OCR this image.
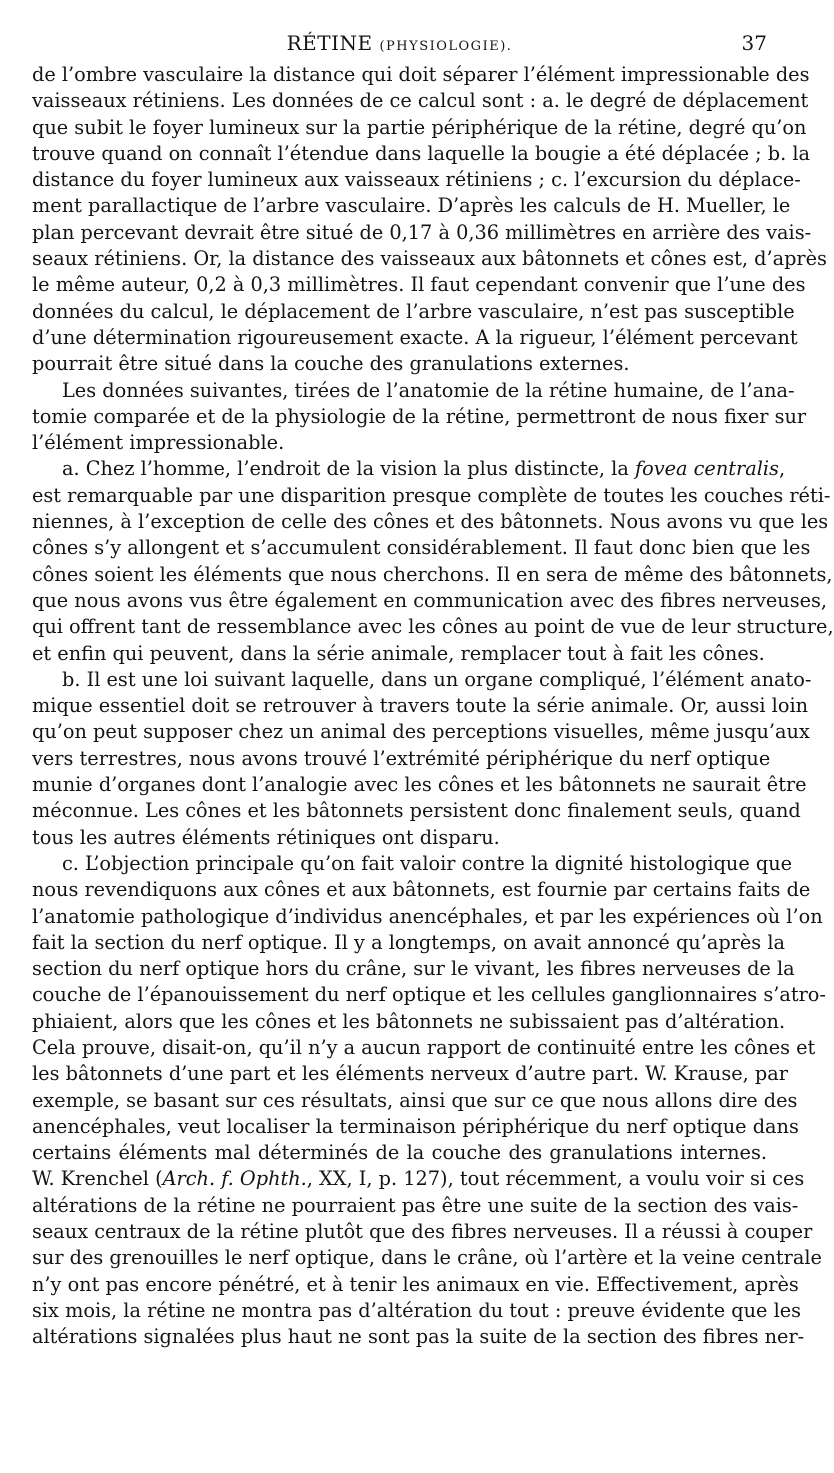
RÉTINE (PHYSIOLOGIE).	37
de l’ombre vasculaire la distance qui doit séparer l’élément impressionable des
vaisseaux rétiniens. Les données de ce calcul sont : a. le degré de déplacement
que subit le foyer lumineux sur la partie périphérique de la rétine, degré qu’on
trouve quand on connaît l’étendue dans laquelle la bougie a été déplacée ; b. la
distance du foyer lumineux aux vaisseaux rétiniens ; c. l’excursion du déplace-
ment parallactique de l’arbre vasculaire. D’après les calculs de H. Mueller, le
plan percevant devrait être situé de 0,17 à 0,36 millimètres en arrière des vais-
seaux rétiniens. Or, la distance des vaisseaux aux bâtonnets et cônes est, d’après
le même auteur, 0,2 à 0,3 millimètres. Il faut cependant convenir que l’une des
données du calcul, le déplacement de l’arbre vasculaire, n’est pas susceptible
d’une détermination rigoureusement exacte. A la rigueur, l’élément percevant
pourrait être situé dans la couche des granulations externes.
Les données suivantes, tirées de l’anatomie de la rétine humaine, de l’ana-
tomie comparée et de la physiologie de la rétine, permettront de nous fixer sur
l’élément impressionable.
a. Chez l’homme, l’endroit de la vision la plus distincte, la fovea centralis,
est remarquable par une disparition presque complète de toutes les couches réti-
niennes, à l’exception de celle des cônes et des bâtonnets. Nous avons vu que les
cônes s’y allongent et s’accumulent considérablement. Il faut donc bien que les
cônes soient les éléments que nous cherchons. Il en sera de même des bâtonnets,
que nous avons vus être également en communication avec des fibres nerveuses,
qui offrent tant de ressemblance avec les cônes au point de vue de leur structure,
et enfin qui peuvent, dans la série animale, remplacer tout à fait les cônes.
b. Il est une loi suivant laquelle, dans un organe compliqué, l’élément anato-
mique essentiel doit se retrouver à travers toute la série animale. Or, aussi loin
qu’on peut supposer chez un animal des perceptions visuelles, même jusqu’aux
vers terrestres, nous avons trouvé l’extrémité périphérique du nerf optique
munie d’organes dont l’analogie avec les cônes et les bâtonnets ne saurait être
méconnue. Les cônes et les bâtonnets persistent donc finalement seuls, quand
tous les autres éléments rétiniques ont disparu.
c. L’objection principale qu’on fait valoir contre la dignité histologique que
nous revendiquons aux cônes et aux bâtonnets, est fournie par certains faits de
l’anatomie pathologique d’individus anencéphales, et par les expériences où l’on
fait la section du nerf optique. Il y a longtemps, on avait annoncé qu’après la
section du nerf optique hors du crâne, sur le vivant, les fibres nerveuses de la
couche de l’épanouissement du nerf optique et les cellules ganglionnaires s’atro-
phiaient, alors que les cônes et les bâtonnets ne subissaient pas d’altération.
Cela prouve, disait-on, qu’il n’y a aucun rapport de continuité entre les cônes et
les bâtonnets d’une part et les éléments nerveux d’autre part. W. Krause, par
exemple, se basant sur ces résultats, ainsi que sur ce que nous allons dire des
anencéphales, veut localiser la terminaison périphérique du nerf optique dans
certains éléments mal déterminés de la couche des granulations internes.
W. Krenchel (Arch. f. Ophth., XX, I, p. 127), tout récemment, a voulu voir si ces
altérations de la rétine ne pourraient pas être une suite de la section des vais-
seaux centraux de la rétine plutôt que des fibres nerveuses. Il a réussi à couper
sur des grenouilles le nerf optique, dans le crâne, où l’artère et la veine centrale
n’y ont pas encore pénétré, et à tenir les animaux en vie. Effectivement, après
six mois, la rétine ne montra pas d’altération du tout : preuve évidente que les
altérations signalées plus haut ne sont pas la suite de la section des fibres ner-
